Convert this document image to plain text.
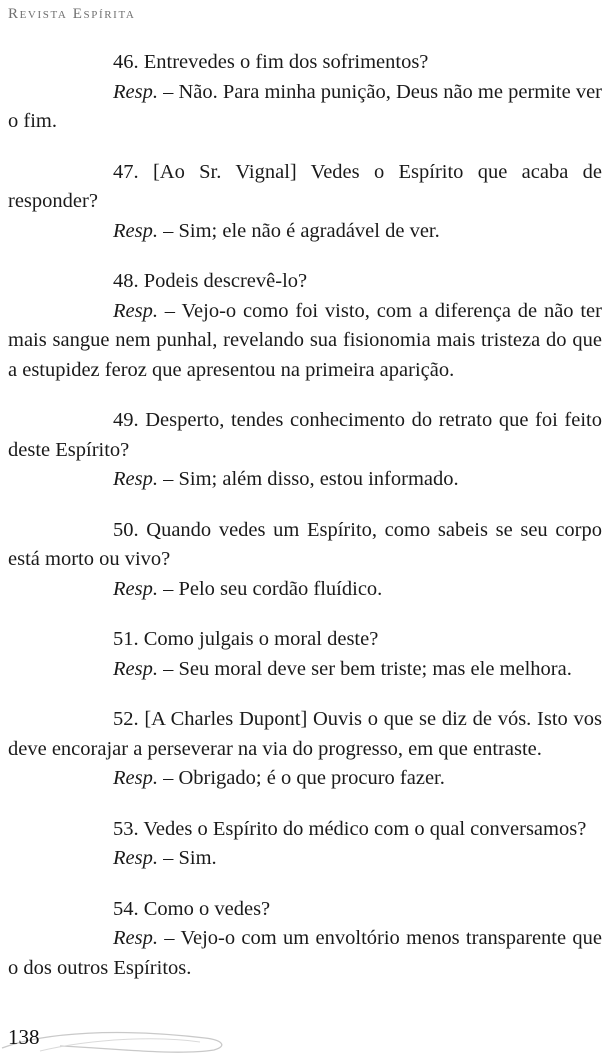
Revista Espírita

46. Entrevedes o fim dos sofrimentos?

Resp. – Não. Para minha punição, Deus não me permite ver o fim.

47. [Ao Sr. Vignal] Vedes o Espírito que acaba de responder?

Resp. – Sim; ele não é agradável de ver.

48. Podeis descrevê-lo?

Resp. – Vejo-o como foi visto, com a diferença de não ter mais sangue nem punhal, revelando sua fisionomia mais tristeza do que a estupidez feroz que apresentou na primeira aparição.

49. Desperto, tendes conhecimento do retrato que foi feito deste Espírito?

Resp. – Sim; além disso, estou informado.

50. Quando vedes um Espírito, como sabeis se seu corpo está morto ou vivo?

Resp. – Pelo seu cordão fluídico.

51. Como julgais o moral deste?

Resp. – Seu moral deve ser bem triste; mas ele melhora.

52. [A Charles Dupont] Ouvis o que se diz de vós. Isto vos deve encorajar a perseverar na via do progresso, em que entraste.

Resp. – Obrigado; é o que procuro fazer.

53. Vedes o Espírito do médico com o qual conversamos?

Resp. – Sim.

54. Como o vedes?

Resp. – Vejo-o com um envoltório menos transparente que o dos outros Espíritos.

138
